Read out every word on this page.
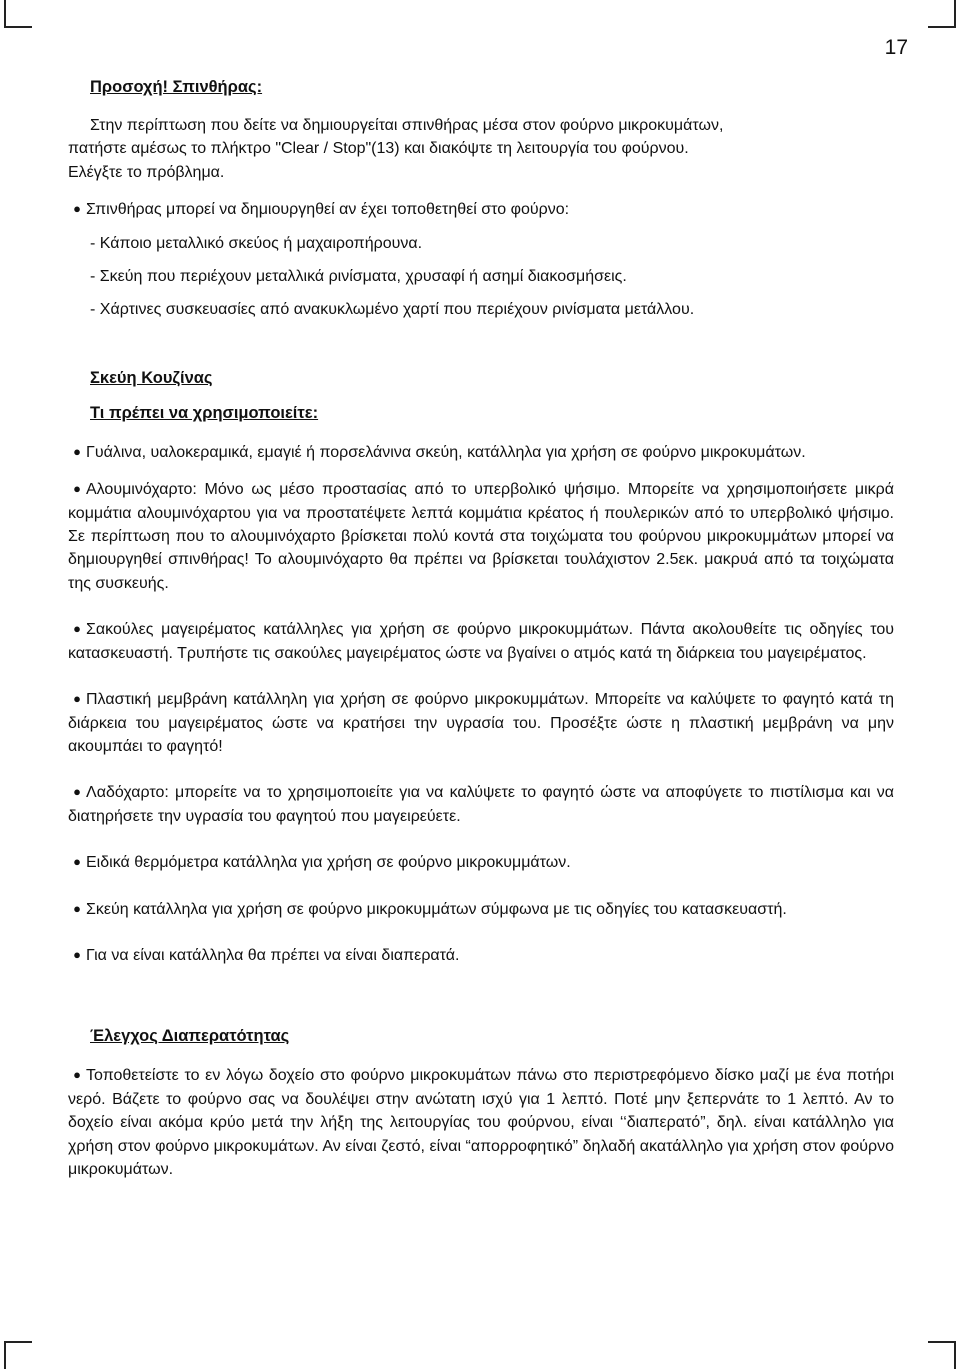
17

Προσοχή! Σπινθήρας:

Στην περίπτωση που δείτε να δημιουργείται σπινθήρας μέσα στον φούρνο μικροκυμάτων,

πατήστε αμέσως το πλήκτρο "Clear / Stop"(13) και διακόψτε τη λειτουργία του φούρνου.

Ελέγξτε το πρόβλημα.

● Σπινθήρας μπορεί να δημιουργηθεί αν έχει τοποθετηθεί στο φούρνο:

- Κάποιο μεταλλικό σκεύος ή μαχαιροπήρουνα.

- Σκεύη που περιέχουν μεταλλικά ρινίσματα, χρυσαφί ή ασημί διακοσμήσεις.

- Χάρτινες συσκευασίες από ανακυκλωμένο χαρτί που περιέχουν ρινίσματα μετάλλου.

Σκεύη Κουζίνας

Τι πρέπει να χρησιμοποιείτε:

● Γυάλινα, υαλοκεραμικά, εμαγιέ ή πορσελάνινα σκεύη, κατάλληλα για χρήση σε φούρνο μικροκυμάτων.

● Αλουμινόχαρτο: Μόνο ως μέσο προστασίας από το υπερβολικό ψήσιμο. Μπορείτε να χρησιμοποιήσετε μικρά κομμάτια αλουμινόχαρτου για να προστατέψετε λεπτά κομμάτια κρέατος ή πουλερικών από το υπερβολικό ψήσιμο. Σε περίπτωση που το αλουμινόχαρτο βρίσκεται πολύ κοντά στα τοιχώματα του φούρνου μικροκυμμάτων μπορεί να δημιουργηθεί σπινθήρας! Το αλουμινόχαρτο θα πρέπει να βρίσκεται τουλάχιστον 2.5εκ. μακρυά από τα τοιχώματα της συσκευής.

● Σακούλες μαγειρέματος κατάλληλες για χρήση σε φούρνο μικροκυμμάτων. Πάντα ακολουθείτε τις οδηγίες του κατασκευαστή. Τρυπήστε τις σακούλες μαγειρέματος ώστε να βγαίνει ο ατμός κατά τη διάρκεια του μαγειρέματος.

● Πλαστική μεμβράνη κατάλληλη για χρήση σε φούρνο μικροκυμμάτων. Μπορείτε να καλύψετε το φαγητό κατά τη διάρκεια του μαγειρέματος ώστε να κρατήσει την υγρασία του. Προσέξτε ώστε η πλαστική μεμβράνη να μην ακουμπάει το φαγητό!

● Λαδόχαρτο: μπορείτε να το χρησιμοποιείτε για να καλύψετε το φαγητό ώστε να αποφύγετε το πιστίλισμα και να διατηρήσετε την υγρασία του φαγητού που μαγειρεύετε.

● Ειδικά θερμόμετρα κατάλληλα για χρήση σε φούρνο μικροκυμμάτων.

● Σκεύη κατάλληλα για χρήση σε φούρνο μικροκυμμάτων σύμφωνα με τις οδηγίες του κατασκευαστή.

● Για να είναι κατάλληλα θα πρέπει να είναι διαπερατά.

Έλεγχος Διαπερατότητας

● Τοποθετείστε το εν λόγω δοχείο στο φούρνο μικροκυμάτων πάνω στο περιστρεφόμενο δίσκο μαζί με ένα ποτήρι νερό. Βάζετε το φούρνο σας να δουλέψει στην ανώτατη ισχύ για 1 λεπτό. Ποτέ μην ξεπερνάτε το 1 λεπτό. Αν το δοχείο είναι ακόμα κρύο μετά την λήξη της λειτουργίας του φούρνου, είναι ‘‘διαπερατό”, δηλ. είναι κατάλληλο για χρήση στον φούρνο μικροκυμάτων. Αν είναι ζεστό, είναι “απορροφητικό” δηλαδή ακατάλληλο για χρήση στον φούρνο μικροκυμάτων.
